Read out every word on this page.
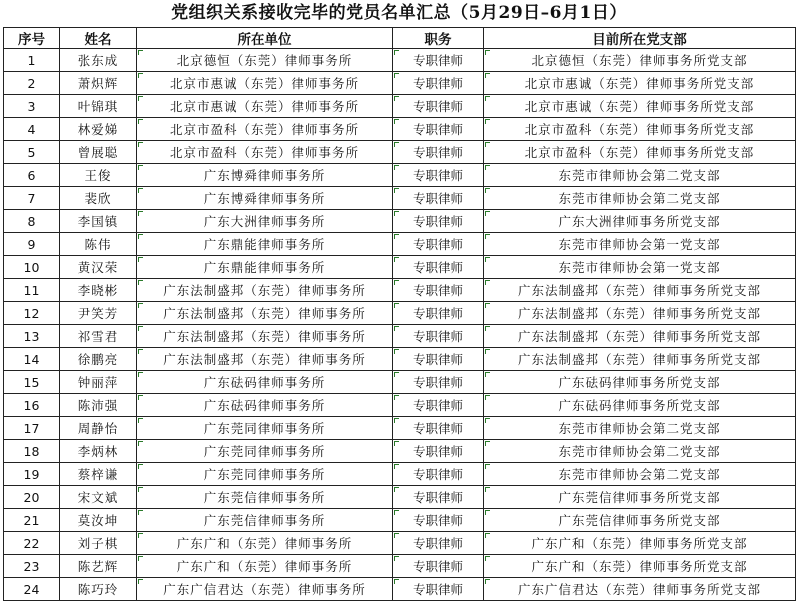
党组织关系接收完毕的党员名单汇总（5月29日–6月1日）
序号	姓名	所在单位	职务	目前所在党支部
1	张东成	北京德恒（东莞）律师事务所	专职律师	北京德恒（东莞）律师事务所党支部
2	萧炽辉	北京市惠诚（东莞）律师事务所	专职律师	北京市惠诚（东莞）律师事务所党支部
3	叶锦琪	北京市惠诚（东莞）律师事务所	专职律师	北京市惠诚（东莞）律师事务所党支部
4	林爱娣	北京市盈科（东莞）律师事务所	专职律师	北京市盈科（东莞）律师事务所党支部
5	曾展聪	北京市盈科（东莞）律师事务所	专职律师	北京市盈科（东莞）律师事务所党支部
6	王俊	广东博舜律师事务所	专职律师	东莞市律师协会第二党支部
7	裴欣	广东博舜律师事务所	专职律师	东莞市律师协会第二党支部
8	李国镇	广东大洲律师事务所	专职律师	广东大洲律师事务所党支部
9	陈伟	广东鼎能律师事务所	专职律师	东莞市律师协会第一党支部
10	黄汉荣	广东鼎能律师事务所	专职律师	东莞市律师协会第一党支部
11	李晓彬	广东法制盛邦（东莞）律师事务所	专职律师	广东法制盛邦（东莞）律师事务所党支部
12	尹笑芳	广东法制盛邦（东莞）律师事务所	专职律师	广东法制盛邦（东莞）律师事务所党支部
13	祁雪君	广东法制盛邦（东莞）律师事务所	专职律师	广东法制盛邦（东莞）律师事务所党支部
14	徐鹏亮	广东法制盛邦（东莞）律师事务所	专职律师	广东法制盛邦（东莞）律师事务所党支部
15	钟丽萍	广东砝码律师事务所	专职律师	广东砝码律师事务所党支部
16	陈沛强	广东砝码律师事务所	专职律师	广东砝码律师事务所党支部
17	周静怡	广东莞同律师事务所	专职律师	东莞市律师协会第二党支部
18	李炳林	广东莞同律师事务所	专职律师	东莞市律师协会第二党支部
19	蔡梓谦	广东莞同律师事务所	专职律师	东莞市律师协会第二党支部
20	宋文斌	广东莞信律师事务所	专职律师	广东莞信律师事务所党支部
21	莫汝坤	广东莞信律师事务所	专职律师	广东莞信律师事务所党支部
22	刘子棋	广东广和（东莞）律师事务所	专职律师	广东广和（东莞）律师事务所党支部
23	陈艺辉	广东广和（东莞）律师事务所	专职律师	广东广和（东莞）律师事务所党支部
24	陈巧玲	广东广信君达（东莞）律师事务所	专职律师	广东广信君达（东莞）律师事务所党支部
